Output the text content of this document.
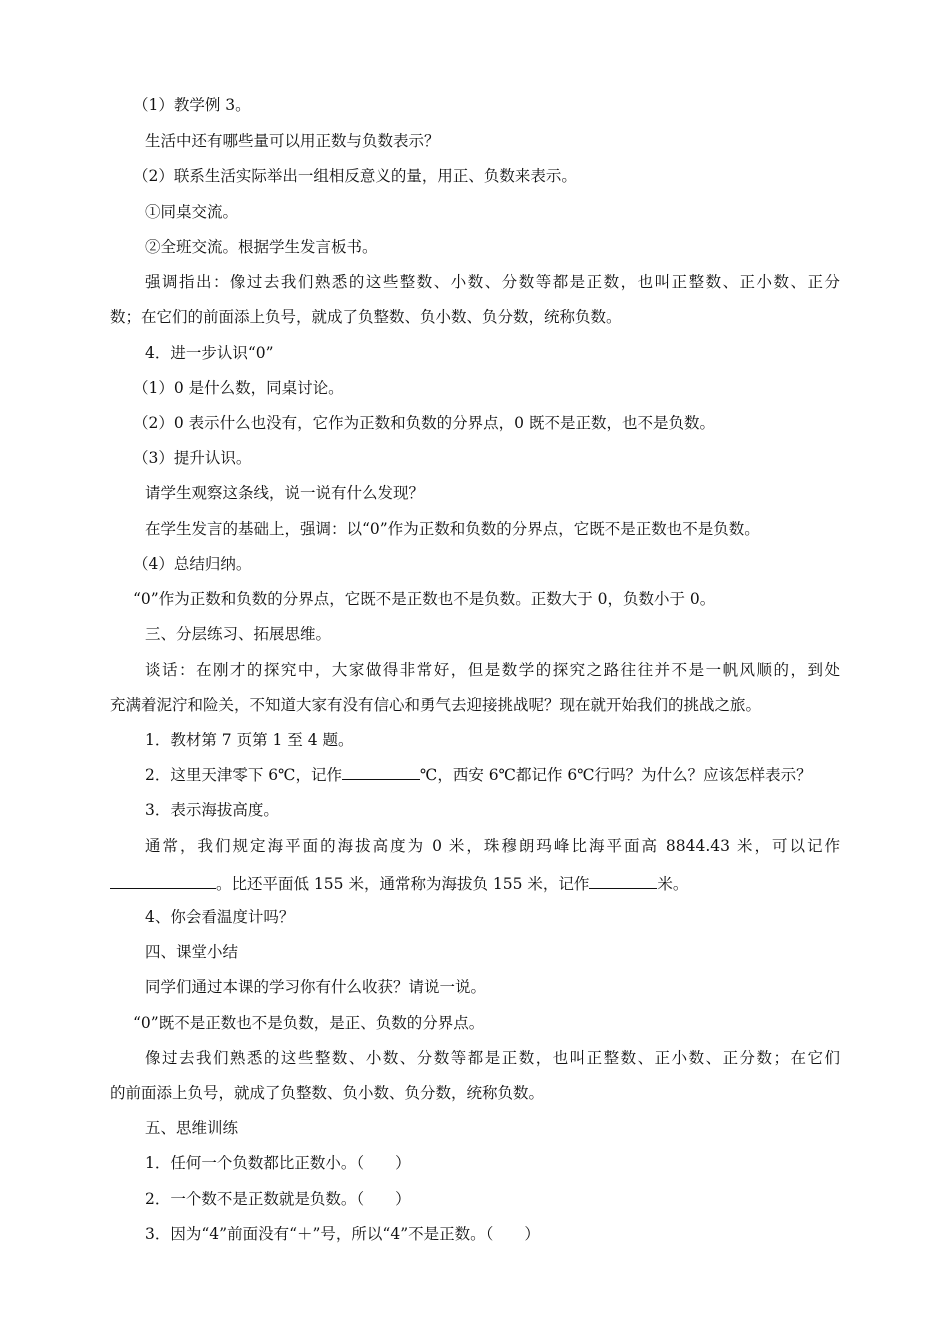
（1）教学例 3。
生活中还有哪些量可以用正数与负数表示？
（2）联系生活实际举出一组相反意义的量，用正、负数来表示。
①同桌交流。
②全班交流。根据学生发言板书。
强调指出：像过去我们熟悉的这些整数、小数、分数等都是正数，也叫正整数、正小数、正分
数；在它们的前面添上负号，就成了负整数、负小数、负分数，统称负数。
4．进一步认识“0”
（1）0 是什么数，同桌讨论。
（2）0 表示什么也没有，它作为正数和负数的分界点，0 既不是正数，也不是负数。
（3）提升认识。
请学生观察这条线，说一说有什么发现？
在学生发言的基础上，强调：以“0”作为正数和负数的分界点，它既不是正数也不是负数。
（4）总结归纳。
“0”作为正数和负数的分界点，它既不是正数也不是负数。正数大于 0，负数小于 0。
三、分层练习、拓展思维。
谈话：在刚才的探究中，大家做得非常好，但是数学的探究之路往往并不是一帆风顺的，到处
充满着泥泞和险关，不知道大家有没有信心和勇气去迎接挑战呢？现在就开始我们的挑战之旅。
1．教材第 7 页第 1 至 4 题。
2．这里天津零下 6℃，记作	℃，西安 6℃都记作 6℃行吗？为什么？应该怎样表示？
3．表示海拔高度。
通常，我们规定海平面的海拔高度为 0 米，珠穆朗玛峰比海平面高 8844.43 米，可以记作
。比还平面低 155 米，通常称为海拔负 155 米，记作	米。
4、你会看温度计吗？
四、课堂小结
同学们通过本课的学习你有什么收获？请说一说。
“0”既不是正数也不是负数，是正、负数的分界点。
像过去我们熟悉的这些整数、小数、分数等都是正数，也叫正整数、正小数、正分数；在它们
的前面添上负号，就成了负整数、负小数、负分数，统称负数。
五、思维训练
1．任何一个负数都比正数小。（　　）
2．一个数不是正数就是负数。（　　）
3．因为“4”前面没有“＋”号，所以“4”不是正数。（　　）
